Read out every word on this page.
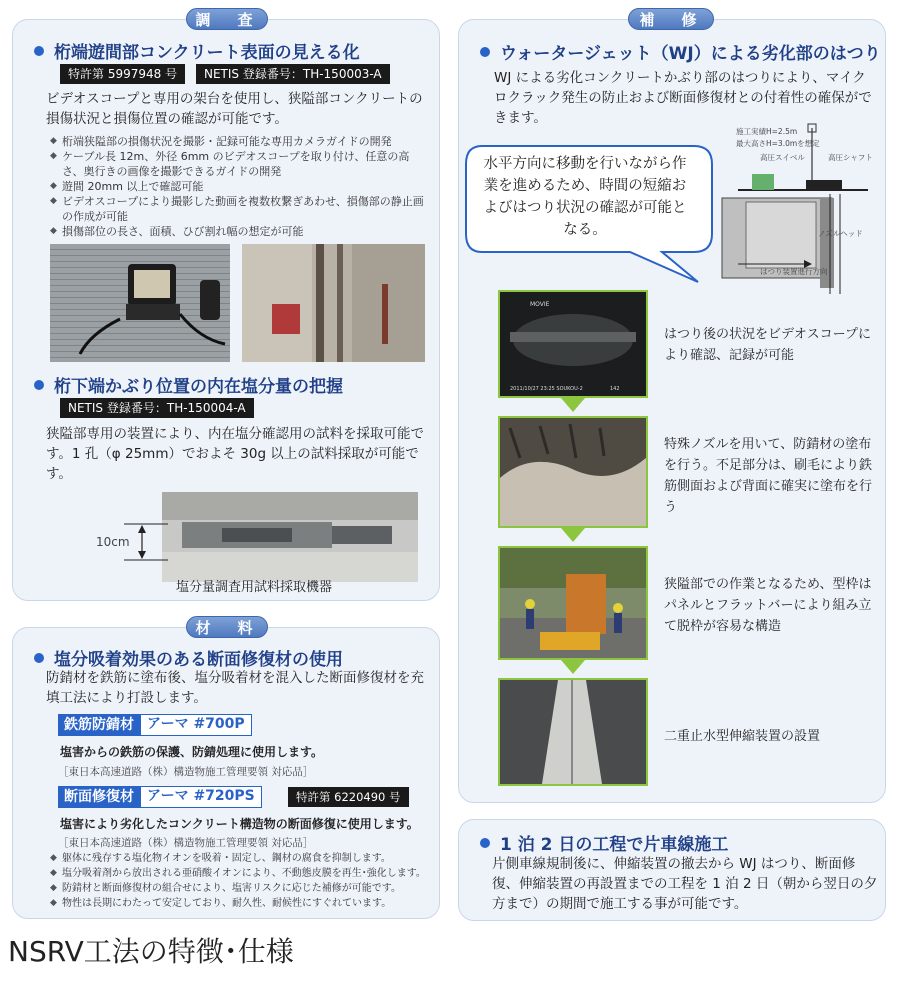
調　査
桁端遊間部コンクリート表面の見える化
特許第 5997948 号	NETIS 登録番号：TH-150003-A
ビデオスコープと専用の架台を使用し、狭隘部コンクリートの損傷状況と損傷位置の確認が可能です。
◆ 桁端狭隘部の損傷状況を撮影・記録可能な専用カメラガイドの開発
◆ ケーブル長 12m、外径 6mm のビデオスコープを取り付け、任意の高さ、奥行きの画像を撮影できるガイドの開発
◆ 遊間 20mm 以上で確認可能
◆ ビデオスコープにより撮影した動画を複数枚繋ぎあわせ、損傷部の静止画の作成が可能
◆ 損傷部位の長さ、面積、ひび割れ幅の想定が可能
桁下端かぶり位置の内在塩分量の把握
NETIS 登録番号：TH-150004-A
狭隘部専用の装置により、内在塩分確認用の試料を採取可能です。1 孔（φ 25mm）でおよそ 30g 以上の試料採取が可能です。
10cm
塩分量調査用試料採取機器
材　料
塩分吸着効果のある断面修復材の使用
防錆材を鉄筋に塗布後、塩分吸着材を混入した断面修復材を充填工法により打設します。
鉄筋防錆材 アーマ #700P
塩害からの鉄筋の保護、防錆処理に使用します。
［東日本高速道路（株）構造物施工管理要領 対応品］
断面修復材 アーマ #720PS	特許第 6220490 号
塩害により劣化したコンクリート構造物の断面修復に使用します。
［東日本高速道路（株）構造物施工管理要領 対応品］
◆ 躯体に残存する塩化物イオンを吸着・固定し、鋼材の腐食を抑制します。
◆ 塩分吸着剤から放出される亜硝酸イオンにより、不動態皮膜を再生･強化します。
◆ 防錆材と断面修復材の組合せにより、塩害リスクに応じた補修が可能です。
◆ 物性は長期にわたって安定しており、耐久性、耐候性にすぐれています。
補　修
ウォータージェット（WJ）による劣化部のはつり
WJ による劣化コンクリートかぶり部のはつりにより、マイクロクラック発生の防止および断面修復材との付着性の確保ができます。
水平方向に移動を行いながら作業を進めるため、時間の短縮およびはつり状況の確認が可能となる。
施工実績H=2.5m
最大高さH=3.0mを想定
高圧スイベル	高圧シャフト
ノズルヘッド
はつり装置進行方向
MOVIE
2011/10/27 23:25 SOUKOU-2	142
はつり後の状況をビデオスコープにより確認、記録が可能
特殊ノズルを用いて、防錆材の塗布を行う。不足部分は、刷毛により鉄筋側面および背面に確実に塗布を行う
狭隘部での作業となるため、型枠はパネルとフラットバーにより組み立て脱枠が容易な構造
二重止水型伸縮装置の設置
1 泊 2 日の工程で片車線施工
片側車線規制後に、伸縮装置の撤去から WJ はつり、断面修復、伸縮装置の再設置までの工程を 1 泊 2 日（朝から翌日の夕方まで）の期間で施工する事が可能です。
NSRV工法の特徴･仕様
